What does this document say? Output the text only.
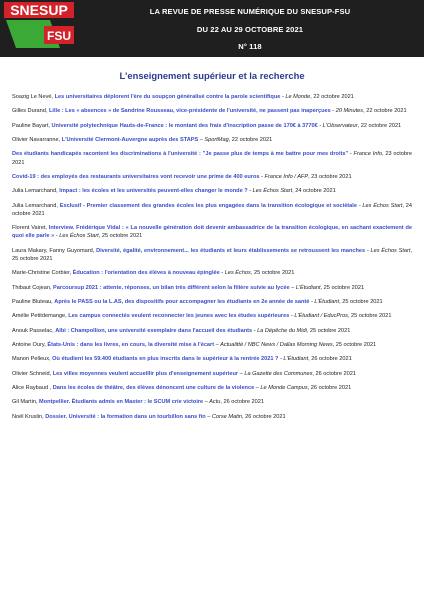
SNESUP
FSU
LA REVUE DE PRESSE NUMÉRIQUE DU SNESUP-FSU
DU 22 AU 29 OCTOBRE 2021
N° 118
L'enseignement supérieur et la recherche
Soazig Le Nevé, Les universitaires déplorent l'ère du soupçon généralisé contre la parole scientifique - Le Monde, 22 octobre 2021
Gilles Durand, Lille : Les « absences » de Sandrine Rousseau, vice-présidente de l'université, ne passent pas inaperçues - 20 Minutes, 22 octobre 2021
Pauline Bayart, Université polytechnique Hauts-de-France : le montant des frais d'inscription passe de 170€ à 3770€ - L'Observateur, 22 octobre 2021
Olivier Navarranne, L'Université Clermont-Auvergne auprès des STAPS – SportMag, 22 octobre 2021
Des étudiants handicapés racontent les discriminations à l'université : "Je passe plus de temps à me battre pour mes droits" - France Info, 23 octobre 2021
Covid-19 : des employés des restaurants universitaires vont recevoir une prime de 400 euros - France Info / AFP, 23 octobre 2021
Julia Lemarchand, Impact : les écoles et les universités peuvent-elles changer le monde ? - Les Échos Start, 24 octobre 2021
Julia Lemarchand, Exclusif - Premier classement des grandes écoles les plus engagées dans la transition écologique et sociétale - Les Échos Start, 24 octobre 2021
Florent Vairet, Interview. Frédérique Vidal : « La nouvelle génération doit devenir ambassadrice de la transition écologique, en sachant exactement de quoi elle parle » - Les Échos Start, 25 octobre 2021
Laura Makary, Fanny Guyomard, Diversité, égalité, environnement... les étudiants et leurs établissements se retroussent les manches - Les Échos Start, 25 octobre 2021
Marie-Christine Corbier, Éducation : l'orientation des élèves à nouveau épinglée - Les Échos, 25 octobre 2021
Thibaut Cojean, Parcoursup 2021 : attente, réponses, un bilan très différent selon la filière suivie au lycée – L'Étudiant, 25 octobre 2021
Pauline Bluteau, Après le PASS ou la L.AS, des dispositifs pour accompagner les étudiants en 2e année de santé - L'Étudiant, 25 octobre 2021
Amélie Petitdemange, Les campus connectés veulent reconnecter les jeunes avec les études supérieures - L'Étudiant / EducPros, 25 octobre 2021
Anouk Passelac, Albi : Champollion, une université exemplaire dans l'accueil des étudiants - La Dépêche du Midi, 25 octobre 2021
Antoine Oury, États-Unis : dans les livres, en cours, la diversité mise à l'écart – Actualitté / NBC News / Dallas Morning News, 25 octobre 2021
Manon Pelleux, Où étudient les 59.400 étudiants en plus inscrits dans le supérieur à la rentrée 2021 ? - L'Étudiant, 26 octobre 2021
Olivier Schneid, Les villes moyennes veulent accueillir plus d'enseignement supérieur – La Gazette des Communes, 26 octobre 2021
Alice Raybaud , Dans les écoles de théâtre, des élèves dénoncent une culture de la violence – Le Monde Campus, 26 octobre 2021
Gil Martin, Montpellier. Étudiants admis en Master : le SCUM crie victoire – Actu, 26 octobre 2021
Noël Kruslin, Dossier. Université : la formation dans un tourbillon sans fin – Corse Matin, 26 octobre 2021
